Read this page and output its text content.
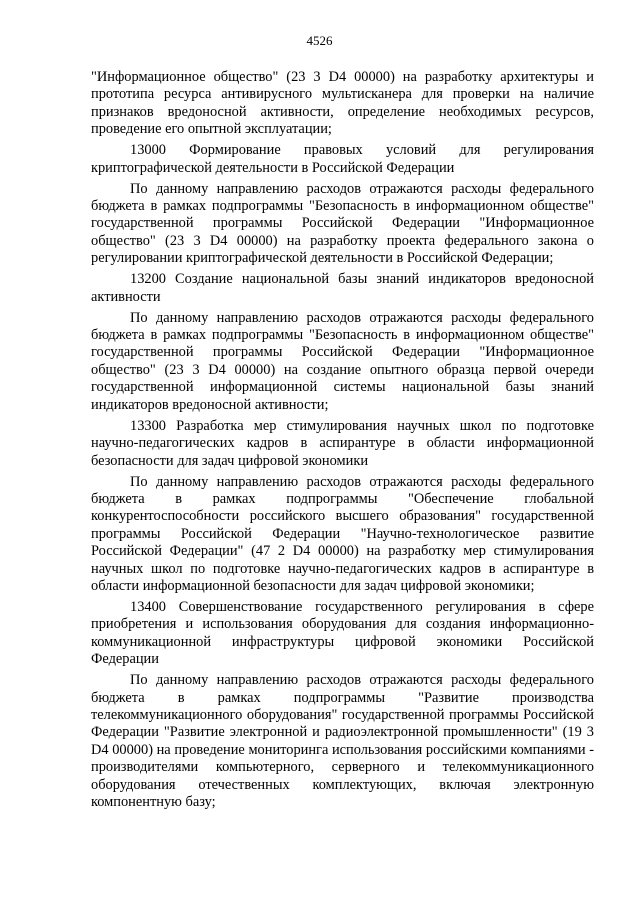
4526

"Информационное общество" (23 3 D4 00000) на разработку архитектуры и прототипа ресурса антивирусного мультисканера для проверки на наличие признаков вредоносной активности, определение необходимых ресурсов, проведение его опытной эксплуатации;

13000 Формирование правовых условий для регулирования криптографической деятельности в Российской Федерации

По данному направлению расходов отражаются расходы федерального бюджета в рамках подпрограммы "Безопасность в информационном обществе" государственной программы Российской Федерации "Информационное общество" (23 3 D4 00000) на разработку проекта федерального закона о регулировании криптографической деятельности в Российской Федерации;

13200 Создание национальной базы знаний индикаторов вредоносной активности

По данному направлению расходов отражаются расходы федерального бюджета в рамках подпрограммы "Безопасность в информационном обществе" государственной программы Российской Федерации "Информационное общество" (23 3 D4 00000) на создание опытного образца первой очереди государственной информационной системы национальной базы знаний индикаторов вредоносной активности;

13300 Разработка мер стимулирования научных школ по подготовке научно-педагогических кадров в аспирантуре в области информационной безопасности для задач цифровой экономики

По данному направлению расходов отражаются расходы федерального бюджета в рамках подпрограммы "Обеспечение глобальной конкурентоспособности российского высшего образования" государственной программы Российской Федерации "Научно-технологическое развитие Российской Федерации" (47 2 D4 00000) на разработку мер стимулирования научных школ по подготовке научно-педагогических кадров в аспирантуре в области информационной безопасности для задач цифровой экономики;

13400 Совершенствование государственного регулирования в сфере приобретения и использования оборудования для создания информационно-коммуникационной инфраструктуры цифровой экономики Российской Федерации

По данному направлению расходов отражаются расходы федерального бюджета в рамках подпрограммы "Развитие производства телекоммуникационного оборудования" государственной программы Российской Федерации "Развитие электронной и радиоэлектронной промышленности" (19 3 D4 00000) на проведение мониторинга использования российскими компаниями - производителями компьютерного, серверного и телекоммуникационного оборудования отечественных комплектующих, включая электронную компонентную базу;
